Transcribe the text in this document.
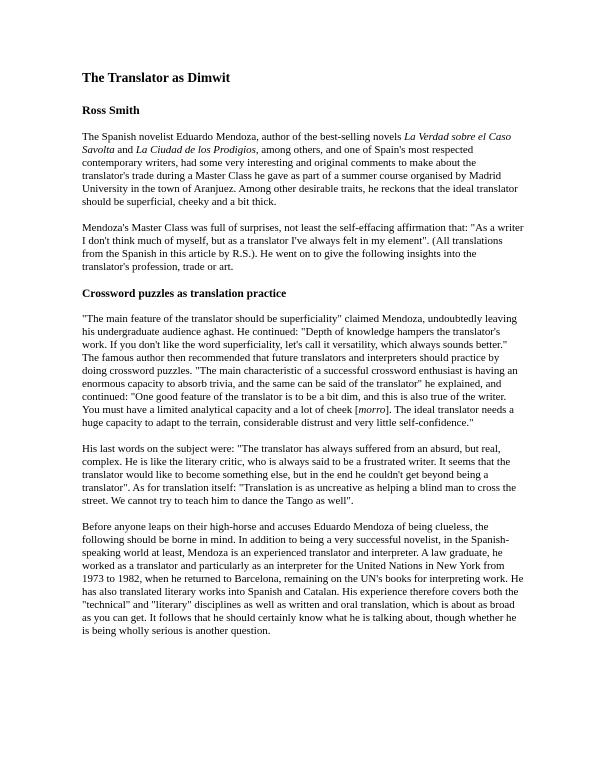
The Translator as Dimwit
Ross Smith

The Spanish novelist Eduardo Mendoza, author of the best-selling novels La Verdad sobre el Caso Savolta and La Ciudad de los Prodigios, among others, and one of Spain's most respected contemporary writers, had some very interesting and original comments to make about the translator's trade during a Master Class he gave as part of a summer course organised by Madrid University in the town of Aranjuez. Among other desirable traits, he reckons that the ideal translator should be superficial, cheeky and a bit thick.

Mendoza's Master Class was full of surprises, not least the self-effacing affirmation that: "As a writer I don't think much of myself, but as a translator I've always felt in my element". (All translations from the Spanish in this article by R.S.). He went on to give the following insights into the translator's profession, trade or art.

Crossword puzzles as translation practice

"The main feature of the translator should be superficiality" claimed Mendoza, undoubtedly leaving his undergraduate audience aghast. He continued: "Depth of knowledge hampers the translator's work. If you don't like the word superficiality, let's call it versatility, which always sounds better." The famous author then recommended that future translators and interpreters should practice by doing crossword puzzles. "The main characteristic of a successful crossword enthusiast is having an enormous capacity to absorb trivia, and the same can be said of the translator" he explained, and continued: "One good feature of the translator is to be a bit dim, and this is also true of the writer. You must have a limited analytical capacity and a lot of cheek [morro]. The ideal translator needs a huge capacity to adapt to the terrain, considerable distrust and very little self-confidence."

His last words on the subject were: "The translator has always suffered from an absurd, but real, complex. He is like the literary critic, who is always said to be a frustrated writer. It seems that the translator would like to become something else, but in the end he couldn't get beyond being a translator". As for translation itself: "Translation is as uncreative as helping a blind man to cross the street. We cannot try to teach him to dance the Tango as well".

Before anyone leaps on their high-horse and accuses Eduardo Mendoza of being clueless, the following should be borne in mind. In addition to being a very successful novelist, in the Spanish-speaking world at least, Mendoza is an experienced translator and interpreter. A law graduate, he worked as a translator and particularly as an interpreter for the United Nations in New York from 1973 to 1982, when he returned to Barcelona, remaining on the UN's books for interpreting work. He has also translated literary works into Spanish and Catalan. His experience therefore covers both the "technical" and "literary" disciplines as well as written and oral translation, which is about as broad as you can get. It follows that he should certainly know what he is talking about, though whether he is being wholly serious is another question.
